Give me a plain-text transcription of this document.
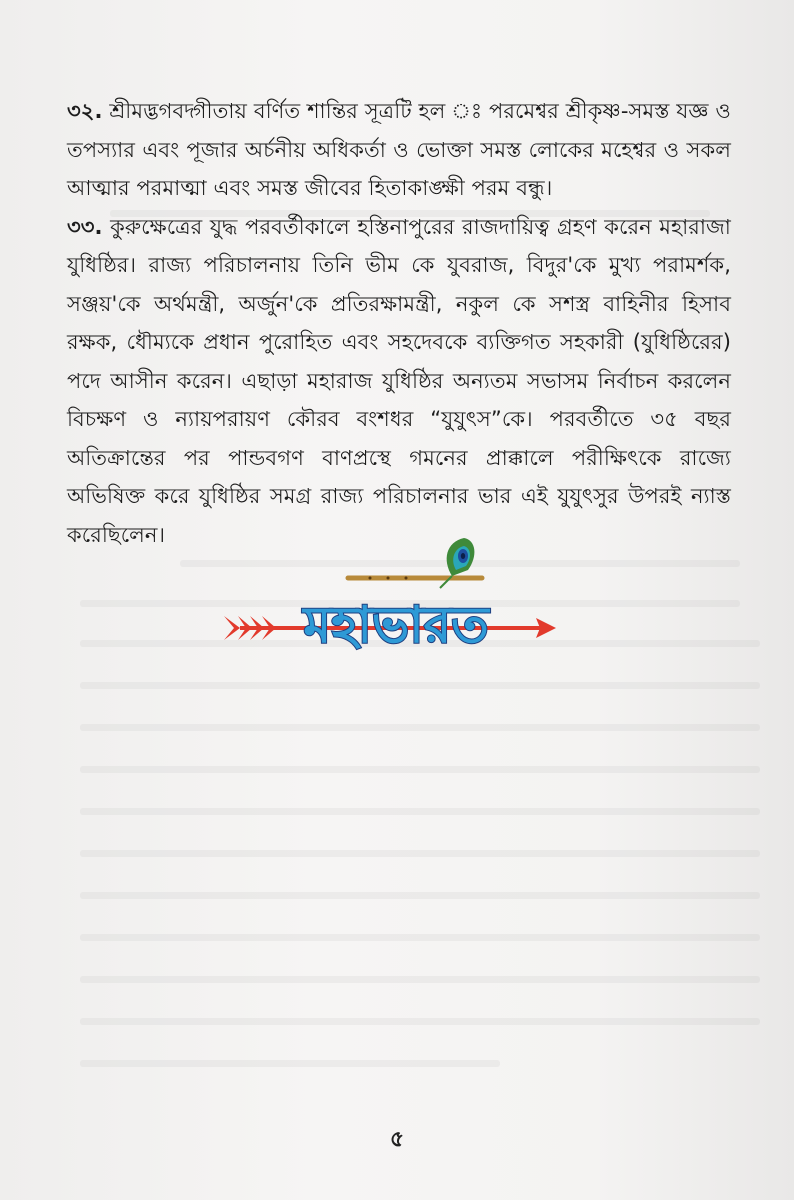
৩২. শ্রীমদ্ভগবদ্গীতায় বর্ণিত শান্তির সূত্রটি হল ঃ পরমেশ্বর শ্রীকৃষ্ণ-সমস্ত যজ্ঞ ও তপস্যার এবং পূজার অর্চনীয় অধিকর্তা ও ভোক্তা সমস্ত লোকের মহেশ্বর ও সকল আত্মার পরমাত্মা এবং সমস্ত জীবের হিতাকাঙ্ক্ষী পরম বন্ধু।

৩৩. কুরুক্ষেত্রের যুদ্ধ পরবর্তীকালে হস্তিনাপুরের রাজদায়িত্ব গ্রহণ করেন মহারাজা যুধিষ্ঠির। রাজ্য পরিচালনায় তিনি ভীম কে যুবরাজ, বিদুর'কে মুখ্য পরামর্শক, সঞ্জয়'কে অর্থমন্ত্রী, অর্জুন'কে প্রতিরক্ষামন্ত্রী, নকুল কে সশস্ত্র বাহিনীর হিসাব রক্ষক, ধৌম্যকে প্রধান পুরোহিত এবং সহদেবকে ব্যক্তিগত সহকারী (যুধিষ্ঠিরের) পদে আসীন করেন। এছাড়া মহারাজ যুধিষ্ঠির অন্যতম সভাসম নির্বাচন করলেন বিচক্ষণ ও ন্যায়পরায়ণ কৌরব বংশধর “যুযুৎস”কে। পরবর্তীতে ৩৫ বছর অতিক্রান্তের পর পান্ডবগণ বাণপ্রস্থে গমনের প্রাক্কালে পরীক্ষিৎকে রাজ্যে অভিষিক্ত করে যুধিষ্ঠির সমগ্র রাজ্য পরিচালনার ভার এই যুযুৎসুর উপরই ন্যাস্ত করেছিলেন।

মহাভারত
৫
